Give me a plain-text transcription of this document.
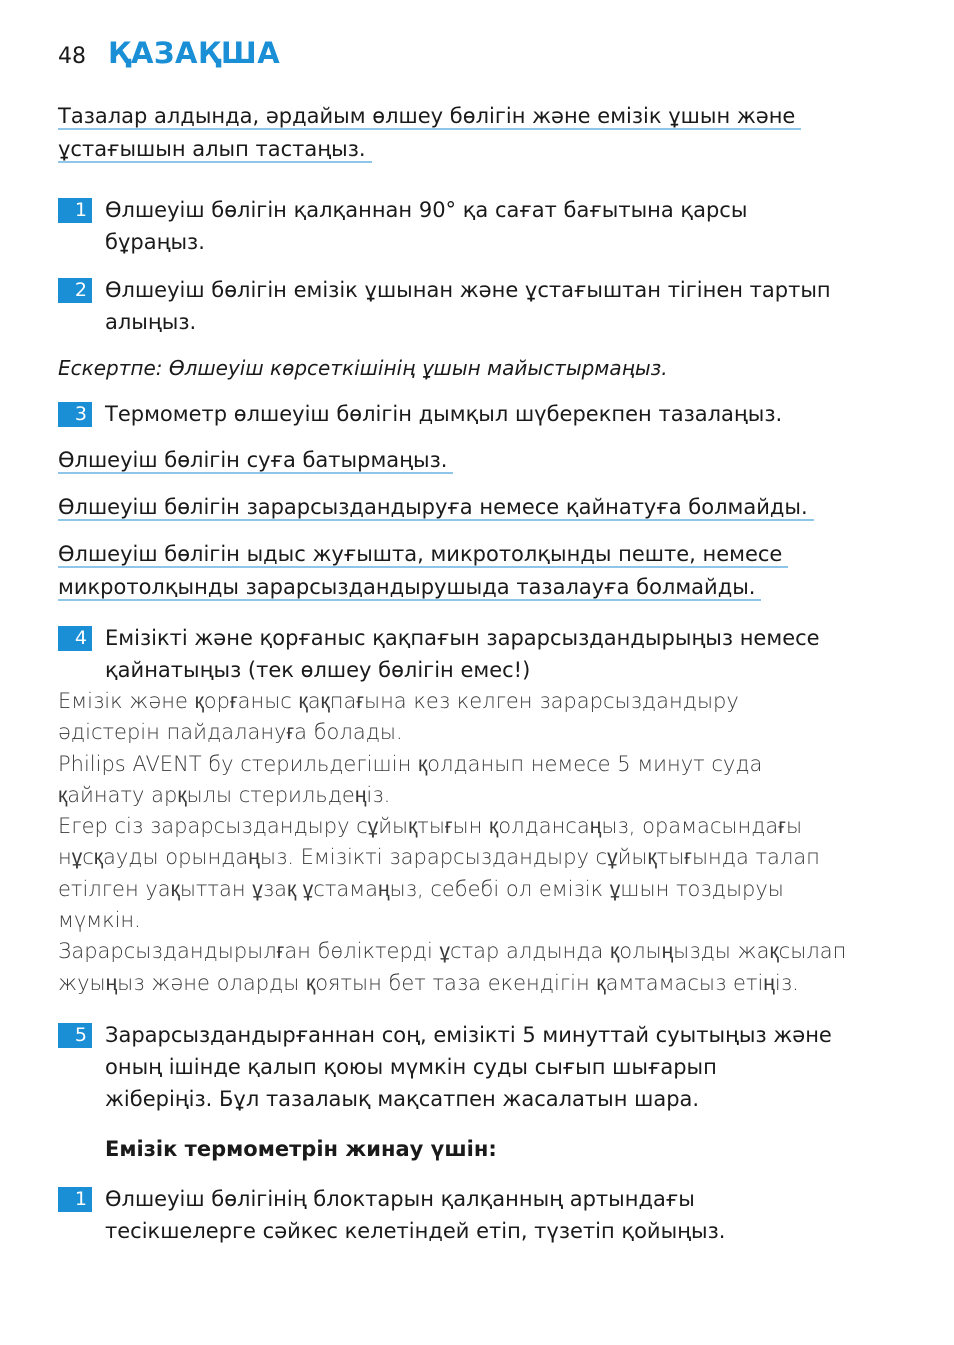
48 ҚАЗАҚША
Тазалар алдында, әрдайым өлшеу бөлігін және емізік ұшын және
ұстағышын алып тастаңыз.
1 Өлшеуіш бөлігін қалқаннан 90° қа сағат бағытына қарсы
бұраңыз.
2 Өлшеуіш бөлігін емізік ұшынан және ұстағыштан тігінен тартып
алыңыз.
Ескертпе: Өлшеуіш көрсеткішінің ұшын майыстырмаңыз.
3 Термометр өлшеуіш бөлігін дымқыл шүберекпен тазалаңыз.
Өлшеуіш бөлігін суға батырмаңыз.
Өлшеуіш бөлігін зарарсыздандыруға немесе қайнатуға болмайды.
Өлшеуіш бөлігін ыдыс жуғышта, микротолқынды пеште, немесе
микротолқынды зарарсыздандырушыда тазалауға болмайды.
4 Емізікті және қорғаныс қақпағын зарарсыздандырыңыз немесе
қайнатыңыз (тек өлшеу бөлігін емес!)

Емізік және қорғаныс қақпағына кез келген зарарсыздандыру

әдістерін пайдалануға болады.

Philips AVENT бу стерильдегішін қолданып немесе 5 минут суда

қайнату арқылы стерильдеңіз.

Егер сіз зарарсыздандыру сұйықтығын қолдансаңыз, орамасындағы

нұсқауды орындаңыз. Емізікті зарарсыздандыру сұйықтығында талап

етілген уақыттан ұзақ ұстамаңыз, себебі ол емізік ұшын тоздыруы

мүмкін.

Зарарсыздандырылған бөліктерді ұстар алдында қолыңызды жақсылап

жуыңыз және оларды қоятын бет таза екендігін қамтамасыз етіңіз.

5 Зарарсыздандырғаннан соң, емізікті 5 минуттай суытыңыз және
оның ішінде қалып қоюы мүмкін суды сығып шығарып
жіберіңіз. Бұл тазалаық мақсатпен жасалатын шара.
Емізік термометрін жинау үшін:
1 Өлшеуіш бөлігінің блоктарын қалқанның артындағы
тесікшелерге сәйкес келетіндей етіп, түзетіп қойыңыз.
